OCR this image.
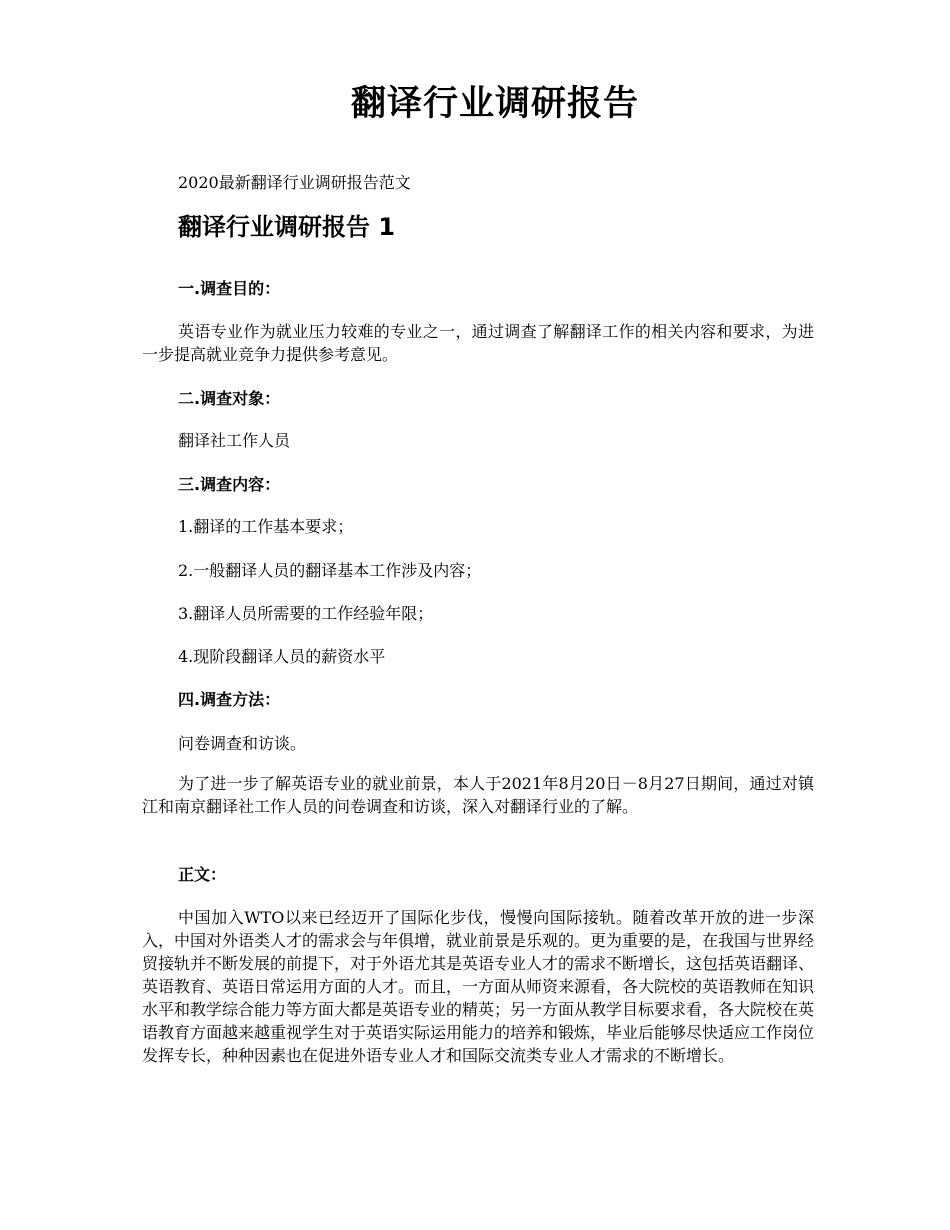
翻译行业调研报告
2020最新翻译行业调研报告范文
翻译行业调研报告 1
一.调查目的：

英语专业作为就业压力较难的专业之一，通过调查了解翻译工作的相关内容和要求，为进一步提高就业竞争力提供参考意见。

二.调查对象：
翻译社工作人员
三.调查内容：
1.翻译的工作基本要求；
2.一般翻译人员的翻译基本工作涉及内容；
3.翻译人员所需要的工作经验年限；
4.现阶段翻译人员的薪资水平
四.调查方法：
问卷调查和访谈。

为了进一步了解英语专业的就业前景，本人于2021年8月20日－8月27日期间，通过对镇江和南京翻译社工作人员的问卷调查和访谈，深入对翻译行业的了解。

正文：

中国加入WTO以来已经迈开了国际化步伐，慢慢向国际接轨。随着改革开放的进一步深入，中国对外语类人才的需求会与年俱增，就业前景是乐观的。更为重要的是，在我国与世界经贸接轨并不断发展的前提下，对于外语尤其是英语专业人才的需求不断增长，这包括英语翻译、英语教育、英语日常运用方面的人才。而且，一方面从师资来源看，各大院校的英语教师在知识水平和教学综合能力等方面大都是英语专业的精英；另一方面从教学目标要求看，各大院校在英语教育方面越来越重视学生对于英语实际运用能力的培养和锻炼，毕业后能够尽快适应工作岗位发挥专长，种种因素也在促进外语专业人才和国际交流类专业人才需求的不断增长。
